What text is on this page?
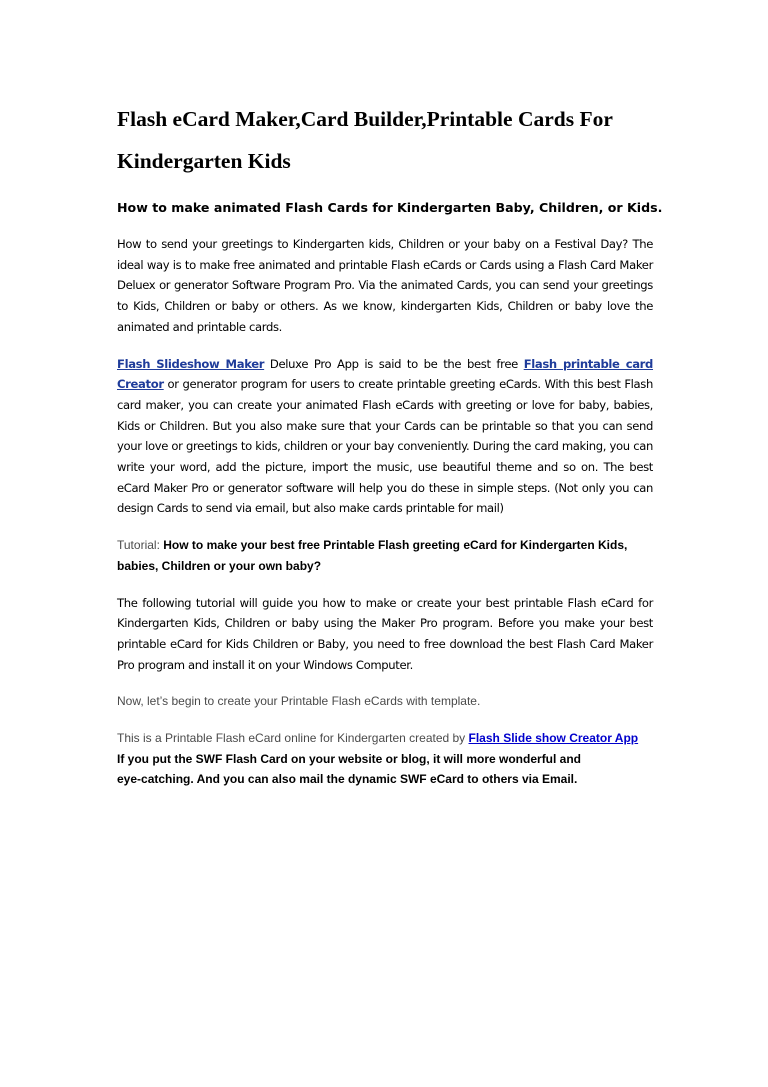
Flash eCard Maker,Card Builder,Printable Cards For Kindergarten Kids

How to make animated Flash Cards for Kindergarten Baby, Children, or Kids.

How to send your greetings to Kindergarten kids, Children or your baby on a Festival Day? The ideal way is to make free animated and printable Flash eCards or Cards using a Flash Card Maker Deluex or generator Software Program Pro. Via the animated Cards, you can send your greetings to Kids, Children or baby or others. As we know, kindergarten Kids, Children or baby love the animated and printable cards.

Flash Slideshow Maker Deluxe Pro App is said to be the best free Flash printable card Creator or generator program for users to create printable greeting eCards. With this best Flash card maker, you can create your animated Flash eCards with greeting or love for baby, babies, Kids or Children. But you also make sure that your Cards can be printable so that you can send your love or greetings to kids, children or your bay conveniently. During the card making, you can write your word, add the picture, import the music, use beautiful theme and so on. The best eCard Maker Pro or generator software will help you do these in simple steps. (Not only you can design Cards to send via email, but also make cards printable for mail)

Tutorial: How to make your best free Printable Flash greeting eCard for Kindergarten Kids, babies, Children or your own baby?

The following tutorial will guide you how to make or create your best printable Flash eCard for Kindergarten Kids, Children or baby using the Maker Pro program. Before you make your best printable eCard for Kids Children or Baby, you need to free download the best Flash Card Maker Pro program and install it on your Windows Computer.

Now, let’s begin to create your Printable Flash eCards with template.

This is a Printable Flash eCard online for Kindergarten created by Flash Slide show Creator App
If you put the SWF Flash Card on your website or blog, it will more wonderful and
eye-catching. And you can also mail the dynamic SWF eCard to others via Email.
